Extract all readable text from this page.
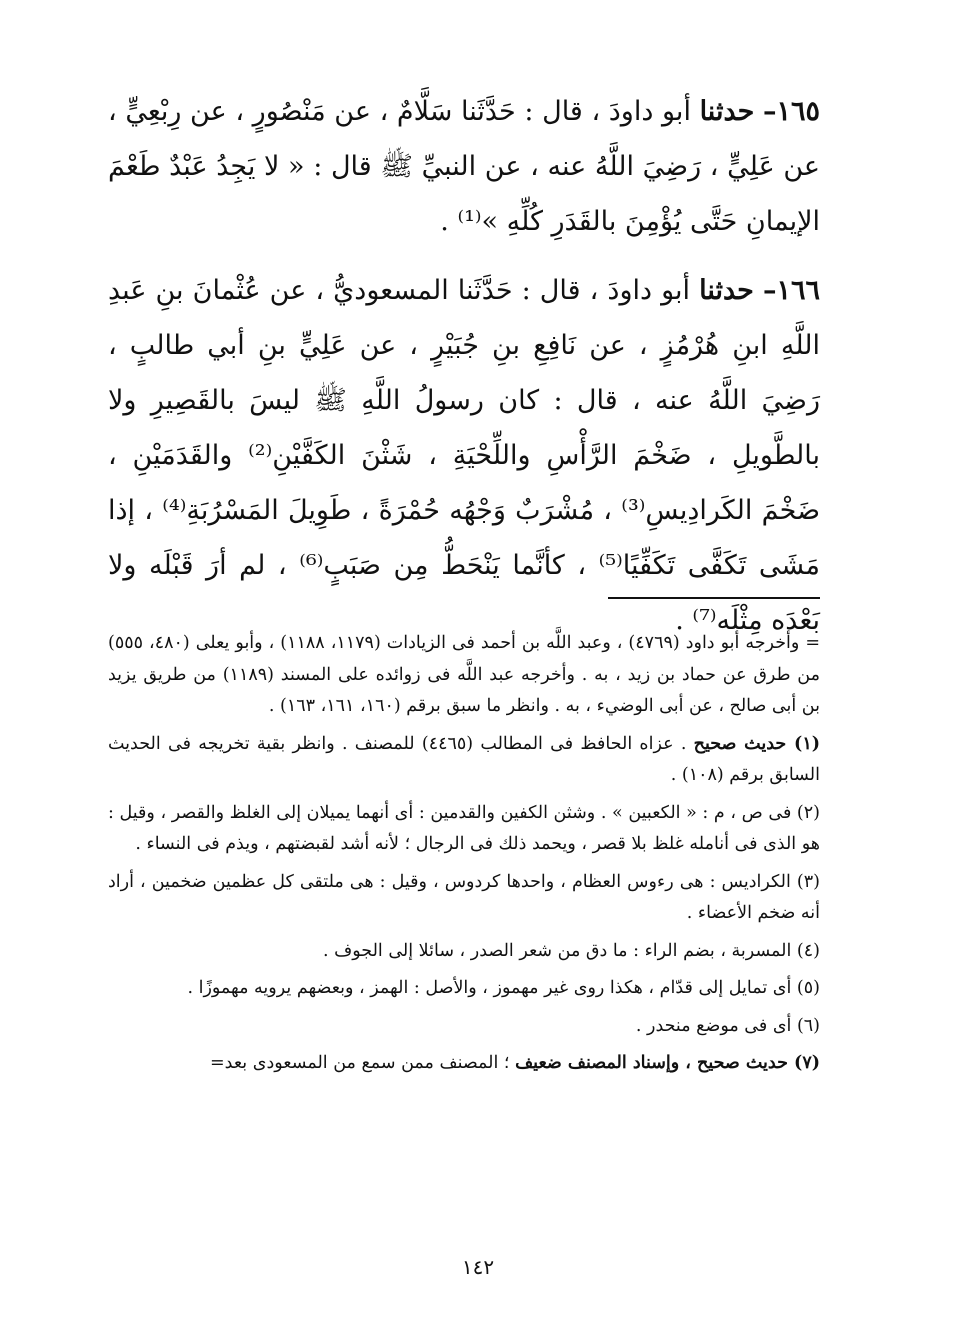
١٦٥– حدثنا أبو داودَ ، قال : حَدَّثَنا سَلَّامٌ ، عن مَنْصُورٍ ، عن رِبْعِيٍّ ، عن عَلِيٍّ ، رَضِيَ اللَّهُ عنه ، عن النبيِّ ﷺ قال : « لا يَجِدُ عَبْدٌ طَعْمَ الإيمانِ حَتَّى يُؤْمِنَ بالقَدَرِ كُلِّهِ »⁽¹⁾ .

١٦٦– حدثنا أبو داودَ ، قال : حَدَّثَنا المسعوديُّ ، عن عُثْمانَ بنِ عَبدِ اللَّهِ ابنِ هُرْمُزٍ ، عن نَافِعِ بنِ جُبَيْرٍ ، عن عَلِيٍّ بنِ أبي طالبٍ ، رَضِيَ اللَّهُ عنه ، قال : كان رسولُ اللَّهِ ﷺ ليسَ بالقَصِيرِ ولا بالطَّويلِ ، ضَخْمَ الرَّأْسِ واللِّحْيَةِ ، شَثْنَ الكَفَّيْنِ⁽²⁾ والقَدَمَيْنِ ، ضَخْمَ الكَرادِيسِ⁽³⁾ ، مُشْرَبٌ وَجْهُه حُمْرَةً ، طَوِيلَ المَسْرُبَةِ⁽⁴⁾ ، إذا مَشَى تَكَفَّى تَكَفِّيًا⁽⁵⁾ ، كأنَّما يَنْحَطُّ مِن صَبَبٍ⁽⁶⁾ ، لم أرَ قَبْلَه ولا بَعْدَه مِثْلَه⁽⁷⁾ .

= وأخرجه أبو داود (٤٧٦٩) ، وعبد اللَّه بن أحمد فى الزيادات (١١٧٩، ١١٨٨) ، وأبو يعلى (٤٨٠، ٥٥٥) من طرق عن حماد بن زيد ، به . وأخرجه عبد اللَّه فى زوائده على المسند (١١٨٩) من طريق يزيد بن أبى صالح ، عن أبى الوضيء ، به . وانظر ما سبق برقم (١٦٠، ١٦١، ١٦٣) .

(١) حديث صحيح . عزاه الحافظ فى المطالب (٤٤٦٥) للمصنف . وانظر بقية تخريجه فى الحديث السابق برقم (١٠٨) .

(٢) فى ص ، م : « الكعبين » . وشثن الكفين والقدمين : أى أنهما يميلان إلى الغلظ والقصر ، وقيل : هو الذى فى أنامله غلظ بلا قصر ، ويحمد ذلك فى الرجال ؛ لأنه أشد لقبضتهم ، ويذم فى النساء .

(٣) الكراديس : هى رءوس العظام ، واحدها كردوس ، وقيل : هى ملتقى كل عظمين ضخمين ، أراد أنه ضخم الأعضاء .

(٤) المسربة ، بضم الراء : ما دق من شعر الصدر ، سائلا إلى الجوف .

(٥) أى تمايل إلى قدّام ، هكذا روى غير مهموز ، والأصل : الهمز ، وبعضهم يرويه مهموزًا .

(٦) أى فى موضع منحدر .

(٧) حديث صحيح ، وإسناد المصنف ضعيف ؛ المصنف ممن سمع من المسعودى بعد=

١٤٢
